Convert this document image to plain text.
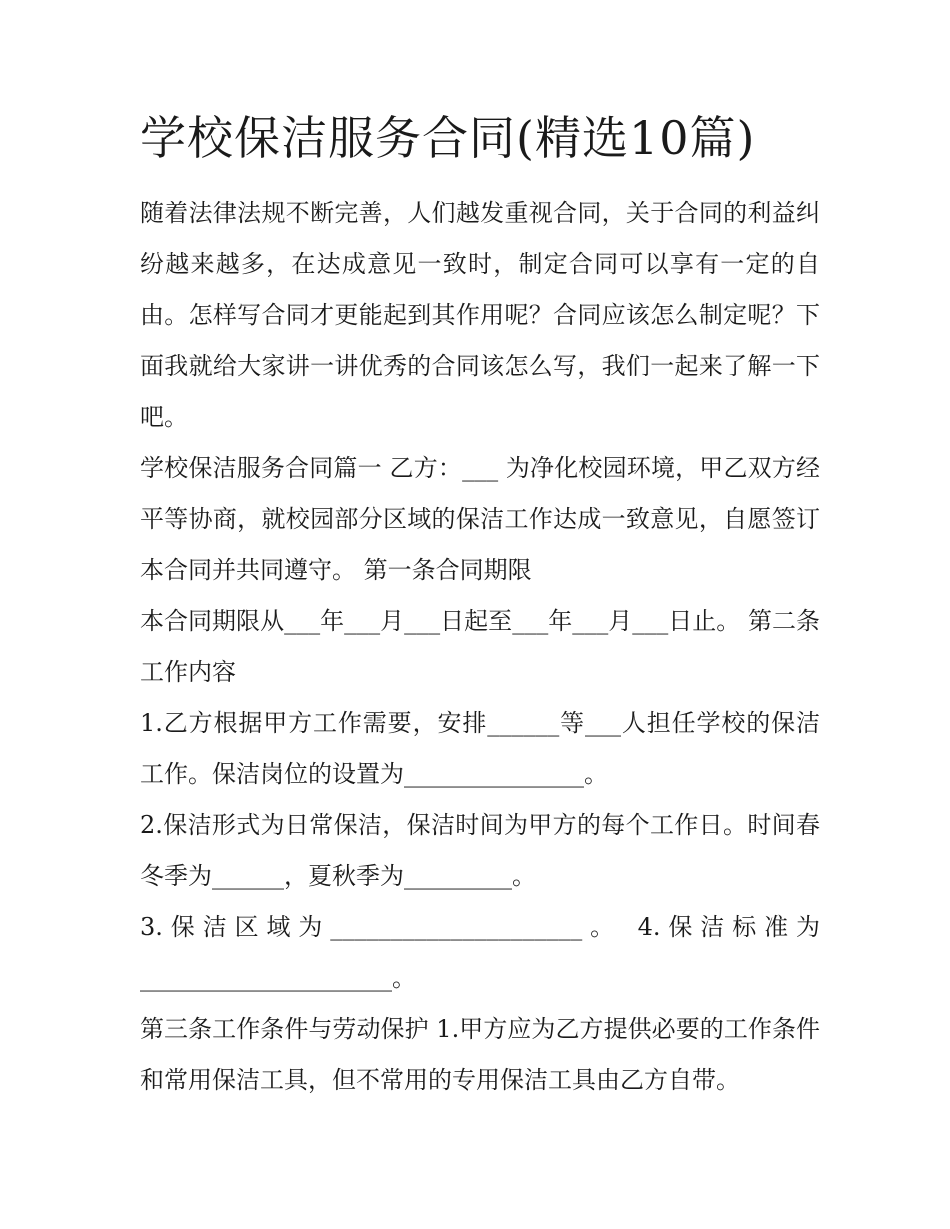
学校保洁服务合同(精选10篇)

随着法律法规不断完善，人们越发重视合同，关于合同的利益纠纷越来越多，在达成意见一致时，制定合同可以享有一定的自由。怎样写合同才更能起到其作用呢？合同应该怎么制定呢？下面我就给大家讲一讲优秀的合同该怎么写，我们一起来了解一下吧。

学校保洁服务合同篇一 乙方：___ 为净化校园环境，甲乙双方经平等协商，就校园部分区域的保洁工作达成一致意见，自愿签订本合同并共同遵守。 第一条合同期限

本合同期限从___年___月___日起至___年___月___日止。 第二条工作内容

1.乙方根据甲方工作需要，安排______等___人担任学校的保洁工作。保洁岗位的设置为_______________。

2.保洁形式为日常保洁，保洁时间为甲方的每个工作日。时间春冬季为______，夏秋季为_________。

3.保洁区域为_____________________。 4.保洁标准为_____________________。

第三条工作条件与劳动保护 1.甲方应为乙方提供必要的工作条件和常用保洁工具，但不常用的专用保洁工具由乙方自带。
